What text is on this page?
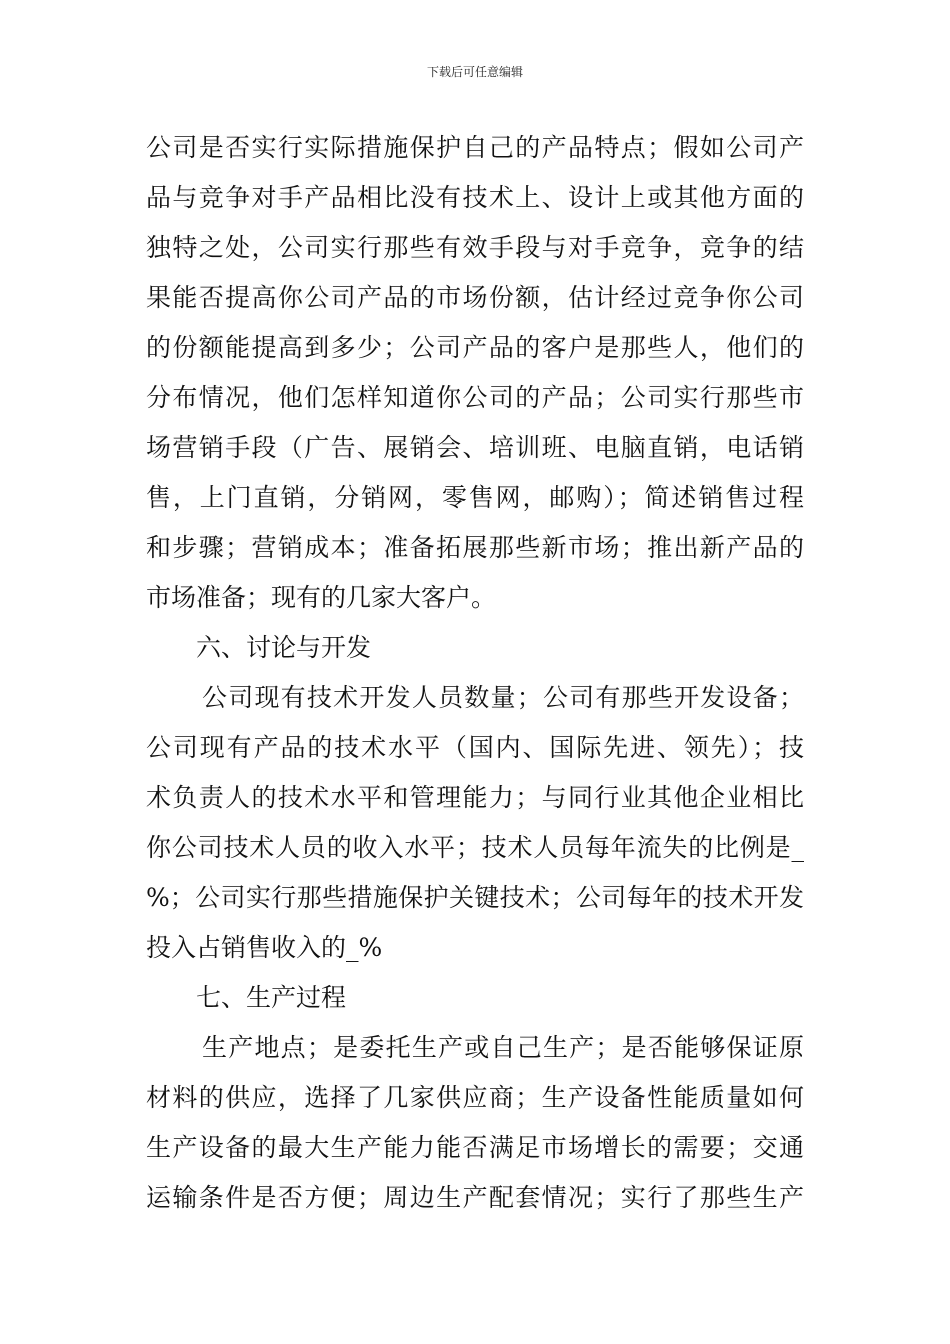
下载后可任意编辑
公司是否实行实际措施保护自己的产品特点；假如公司产
品与竞争对手产品相比没有技术上、设计上或其他方面的
独特之处，公司实行那些有效手段与对手竞争，竞争的结
果能否提高你公司产品的市场份额，估计经过竞争你公司
的份额能提高到多少；公司产品的客户是那些人，他们的
分布情况，他们怎样知道你公司的产品；公司实行那些市
场营销手段（广告、展销会、培训班、电脑直销，电话销
售，上门直销，分销网，零售网，邮购）；简述销售过程
和步骤；营销成本；准备拓展那些新市场；推出新产品的
市场准备；现有的几家大客户。
六、讨论与开发
公司现有技术开发人员数量；公司有那些开发设备；
公司现有产品的技术水平（国内、国际先进、领先）；技
术负责人的技术水平和管理能力；与同行业其他企业相比
你公司技术人员的收入水平；技术人员每年流失的比例是_
%；公司实行那些措施保护关键技术；公司每年的技术开发
投入占销售收入的_%
七、生产过程
生产地点；是委托生产或自己生产；是否能够保证原
材料的供应，选择了几家供应商；生产设备性能质量如何
生产设备的最大生产能力能否满足市场增长的需要；交通
运输条件是否方便；周边生产配套情况；实行了那些生产
